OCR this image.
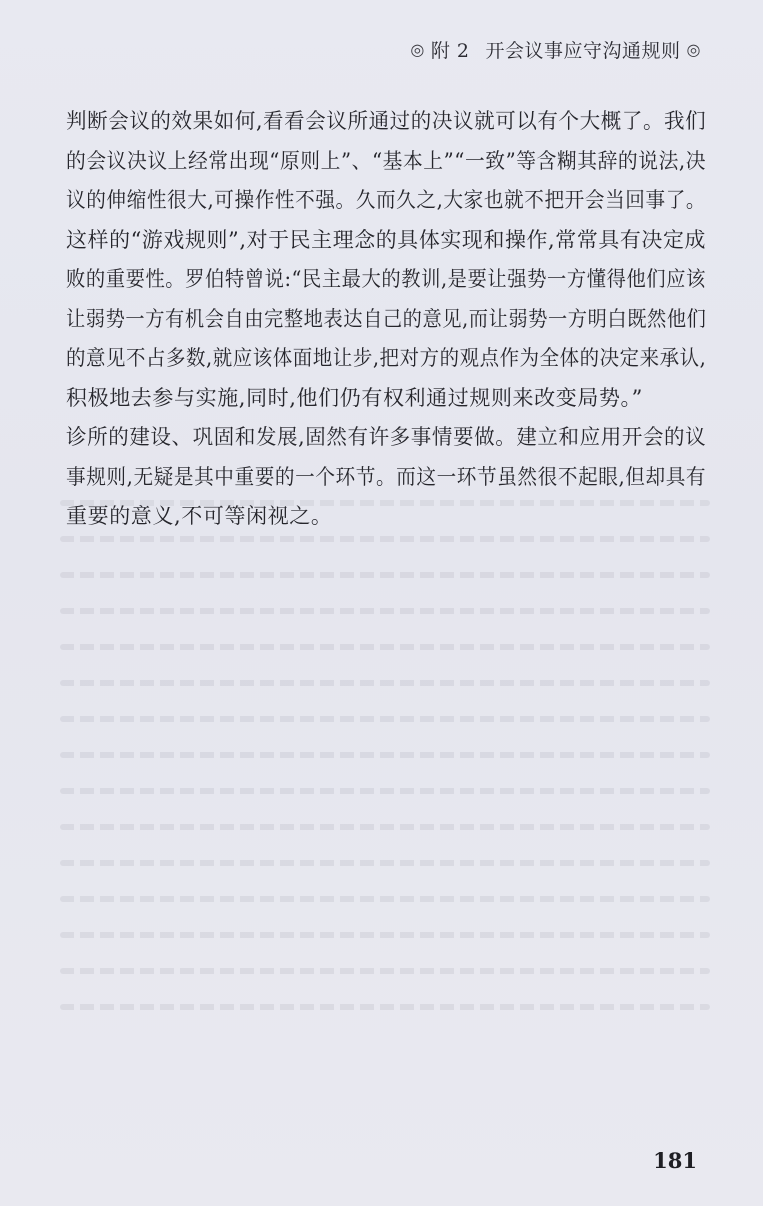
◎ 附 2 开会议事应守沟通规则 ◎

判断会议的效果如何,看看会议所通过的决议就可以有个大概了。我们
的会议决议上经常出现“原则上”、“基本上”“一致”等含糊其辞的说法,决
议的伸缩性很大,可操作性不强。久而久之,大家也就不把开会当回事了。

这样的“游戏规则”,对于民主理念的具体实现和操作,常常具有决定成
败的重要性。罗伯特曾说:“民主最大的教训,是要让强势一方懂得他们应该
让弱势一方有机会自由完整地表达自己的意见,而让弱势一方明白既然他们
的意见不占多数,就应该体面地让步,把对方的观点作为全体的决定来承认,
积极地去参与实施,同时,他们仍有权利通过规则来改变局势。”

诊所的建设、巩固和发展,固然有许多事情要做。建立和应用开会的议
事规则,无疑是其中重要的一个环节。而这一环节虽然很不起眼,但却具有
重要的意义,不可等闲视之。

181
